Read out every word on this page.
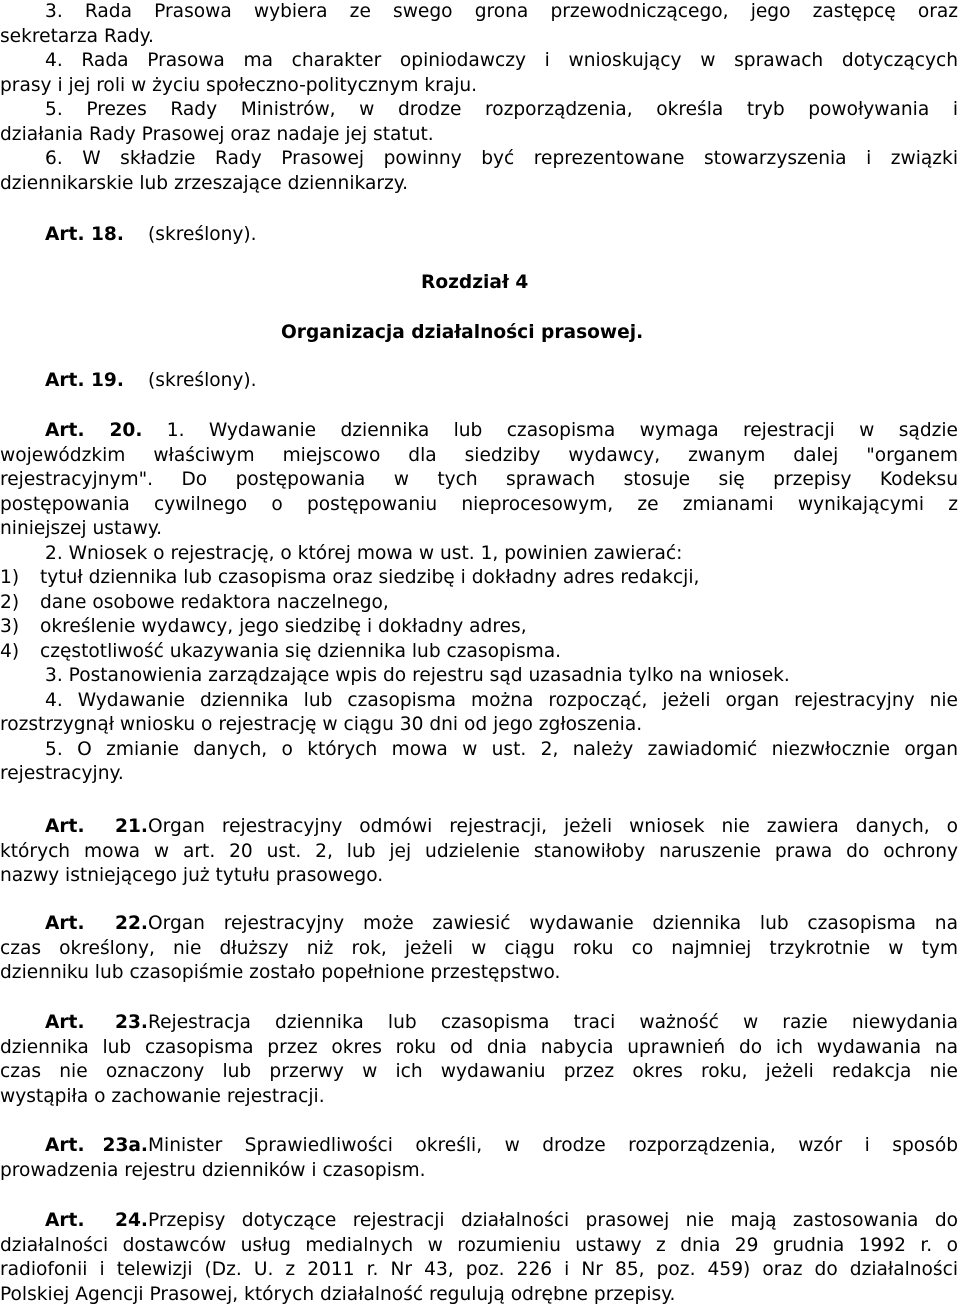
3. Rada Prasowa wybiera ze swego grona przewodniczącego, jego zastępcę oraz
sekretarza Rady.
4. Rada Prasowa ma charakter opiniodawczy i wnioskujący w sprawach dotyczących
prasy i jej roli w życiu społeczno-politycznym kraju.
5. Prezes Rady Ministrów, w drodze rozporządzenia, określa tryb powoływania i
działania Rady Prasowej oraz nadaje jej statut.
6. W składzie Rady Prasowej powinny być reprezentowane stowarzyszenia i związki
dziennikarskie lub zrzeszające dziennikarzy.
Art. 18. (skreślony).
Rozdział 4
Organizacja działalności prasowej.
Art. 19. (skreślony).
Art. 20. 1. Wydawanie dziennika lub czasopisma wymaga rejestracji w sądzie
wojewódzkim właściwym miejscowo dla siedziby wydawcy, zwanym dalej "organem
rejestracyjnym". Do postępowania w tych sprawach stosuje się przepisy Kodeksu
postępowania cywilnego o postępowaniu nieprocesowym, ze zmianami wynikającymi z
niniejszej ustawy.
2. Wniosek o rejestrację, o której mowa w ust. 1, powinien zawierać:
1) tytuł dziennika lub czasopisma oraz siedzibę i dokładny adres redakcji,
2) dane osobowe redaktora naczelnego,
3) określenie wydawcy, jego siedzibę i dokładny adres,
4) częstotliwość ukazywania się dziennika lub czasopisma.
3. Postanowienia zarządzające wpis do rejestru sąd uzasadnia tylko na wniosek.
4. Wydawanie dziennika lub czasopisma można rozpocząć, jeżeli organ rejestracyjny nie
rozstrzygnął wniosku o rejestrację w ciągu 30 dni od jego zgłoszenia.
5. O zmianie danych, o których mowa w ust. 2, należy zawiadomić niezwłocznie organ
rejestracyjny.
Art. 21.Organ rejestracyjny odmówi rejestracji, jeżeli wniosek nie zawiera danych, o
których mowa w art. 20 ust. 2, lub jej udzielenie stanowiłoby naruszenie prawa do ochrony
nazwy istniejącego już tytułu prasowego.
Art. 22.Organ rejestracyjny może zawiesić wydawanie dziennika lub czasopisma na
czas określony, nie dłuższy niż rok, jeżeli w ciągu roku co najmniej trzykrotnie w tym
dzienniku lub czasopiśmie zostało popełnione przestępstwo.
Art. 23.Rejestracja dziennika lub czasopisma traci ważność w razie niewydania
dziennika lub czasopisma przez okres roku od dnia nabycia uprawnień do ich wydawania na
czas nie oznaczony lub przerwy w ich wydawaniu przez okres roku, jeżeli redakcja nie
wystąpiła o zachowanie rejestracji.
Art. 23a.Minister Sprawiedliwości określi, w drodze rozporządzenia, wzór i sposób
prowadzenia rejestru dzienników i czasopism.
Art. 24.Przepisy dotyczące rejestracji działalności prasowej nie mają zastosowania do
działalności dostawców usług medialnych w rozumieniu ustawy z dnia 29 grudnia 1992 r. o
radiofonii i telewizji (Dz. U. z 2011 r. Nr 43, poz. 226 i Nr 85, poz. 459) oraz do działalności
Polskiej Agencji Prasowej, których działalność regulują odrębne przepisy.
